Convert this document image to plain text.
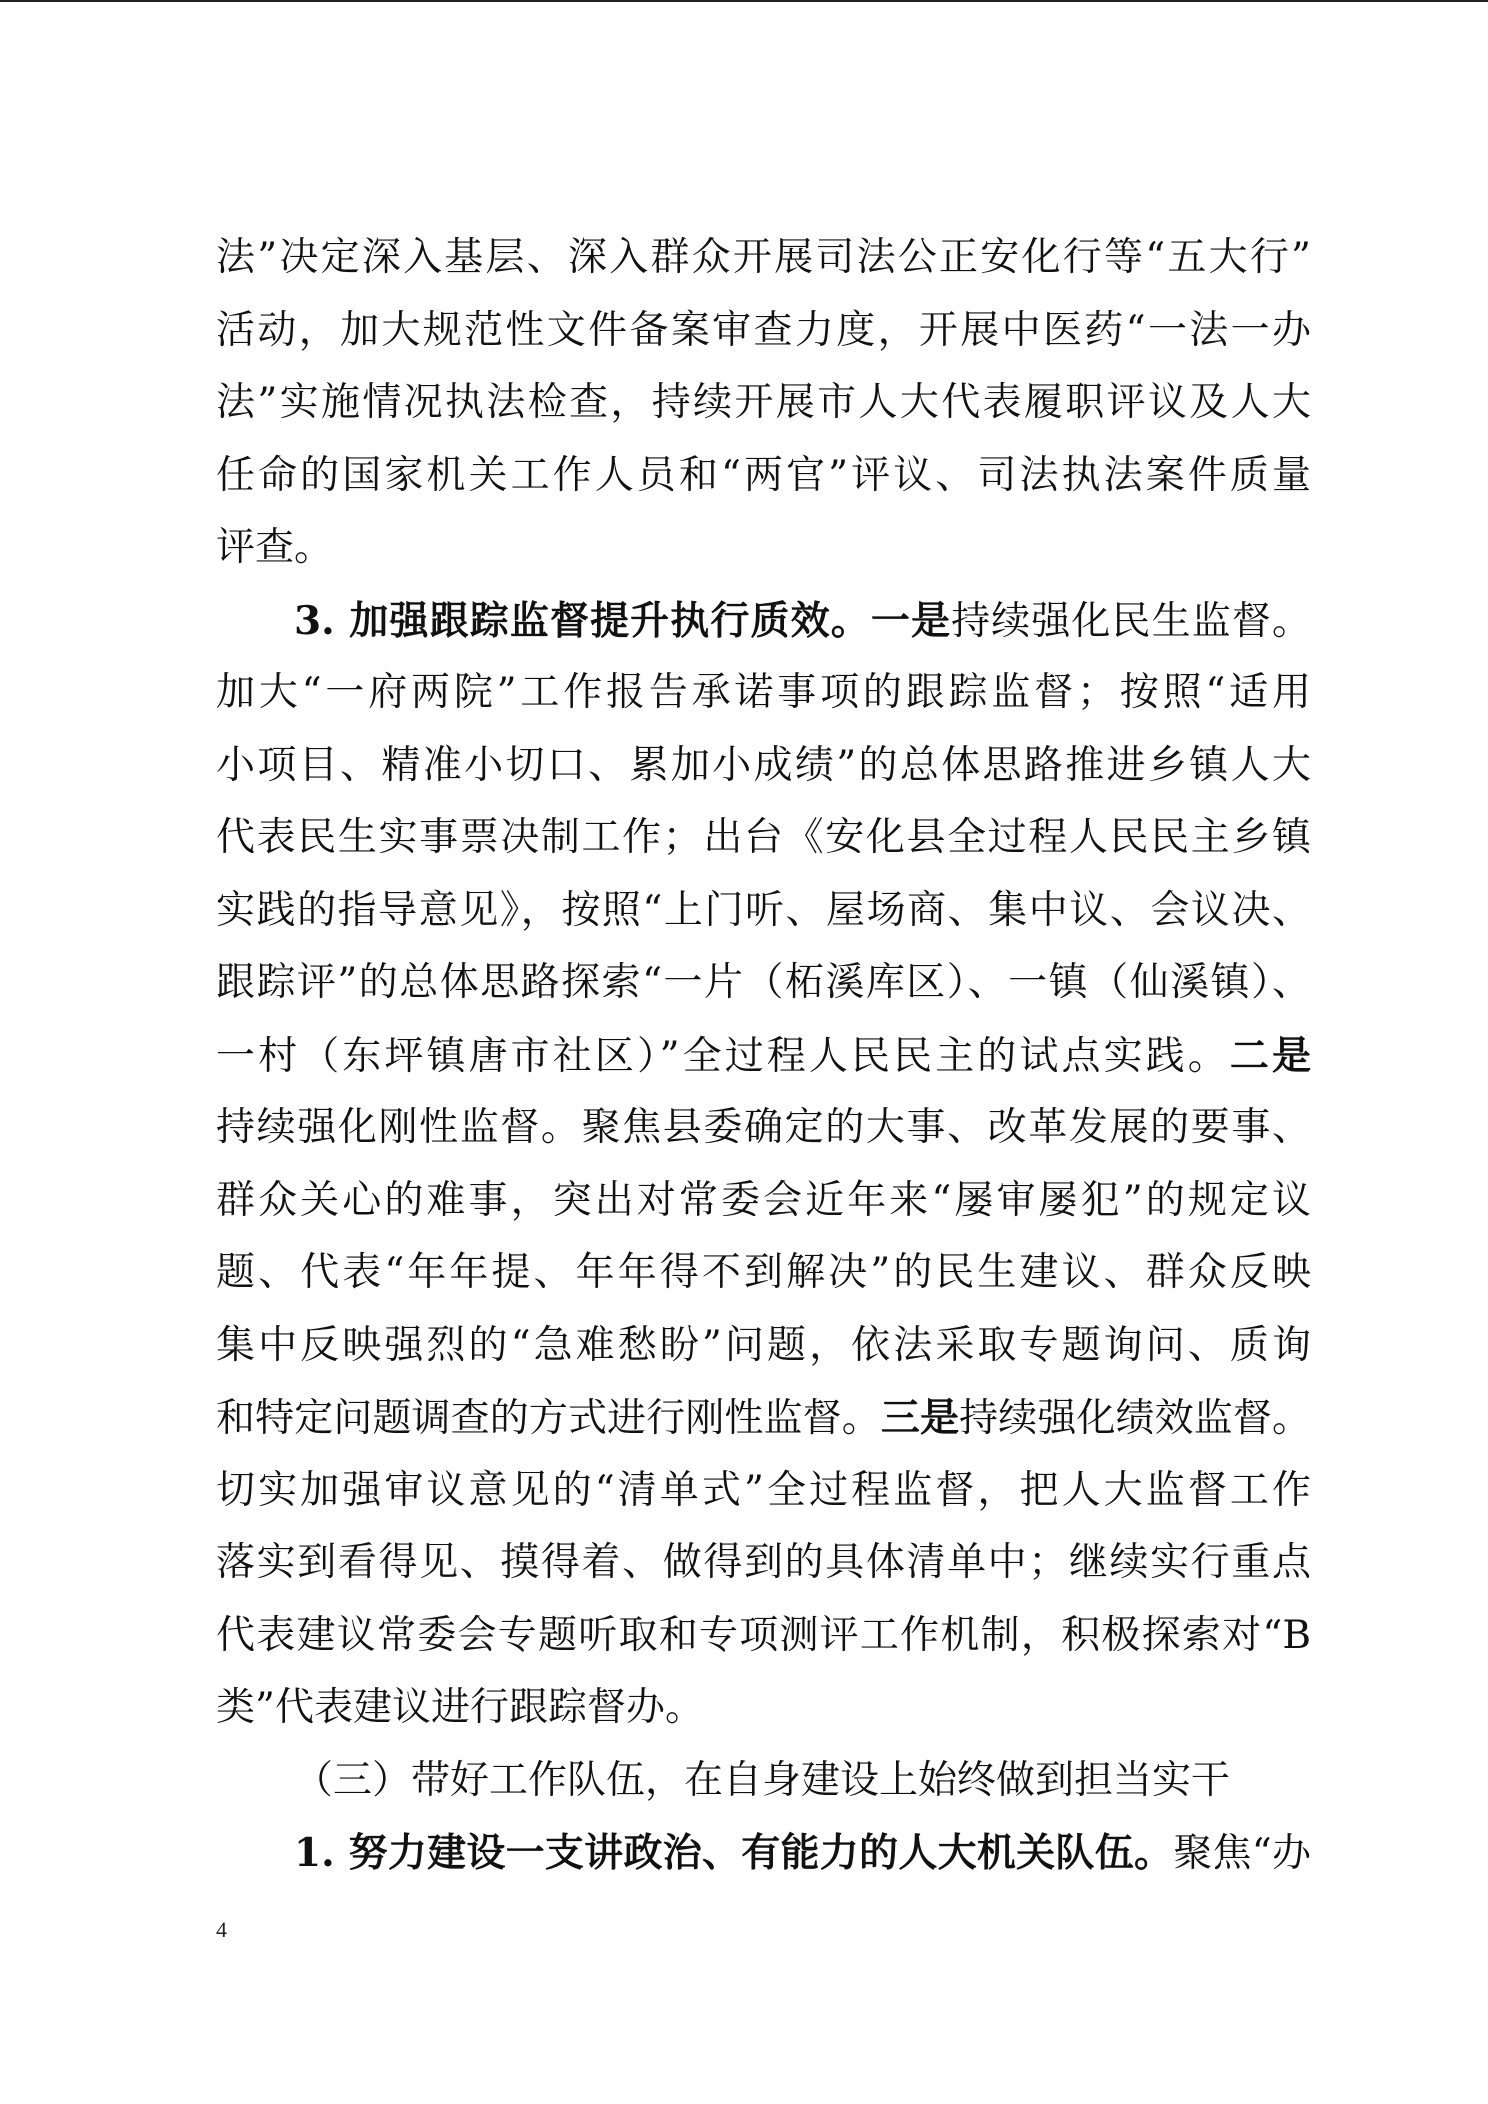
法”决定深入基层、深入群众开展司法公正安化行等“五大行”
活动，加大规范性文件备案审查力度，开展中医药“一法一办
法”实施情况执法检查，持续开展市人大代表履职评议及人大
任命的国家机关工作人员和“两官”评议、司法执法案件质量
评查。
3. 加强跟踪监督提升执行质效。一是持续强化民生监督。
加大“一府两院”工作报告承诺事项的跟踪监督；按照“适用
小项目、精准小切口、累加小成绩”的总体思路推进乡镇人大
代表民生实事票决制工作；出台《安化县全过程人民民主乡镇
实践的指导意见》，按照“上门听、屋场商、集中议、会议决、
跟踪评”的总体思路探索“一片（柘溪库区）、一镇（仙溪镇）、
一村（东坪镇唐市社区）”全过程人民民主的试点实践。二是
持续强化刚性监督。聚焦县委确定的大事、改革发展的要事、
群众关心的难事，突出对常委会近年来“屡审屡犯”的规定议
题、代表“年年提、年年得不到解决”的民生建议、群众反映
集中反映强烈的“急难愁盼”问题，依法采取专题询问、质询
和特定问题调查的方式进行刚性监督。三是持续强化绩效监督。
切实加强审议意见的“清单式”全过程监督，把人大监督工作
落实到看得见、摸得着、做得到的具体清单中；继续实行重点
代表建议常委会专题听取和专项测评工作机制，积极探索对“B
类”代表建议进行跟踪督办。
（三）带好工作队伍，在自身建设上始终做到担当实干
1. 努力建设一支讲政治、有能力的人大机关队伍。聚焦“办
4
